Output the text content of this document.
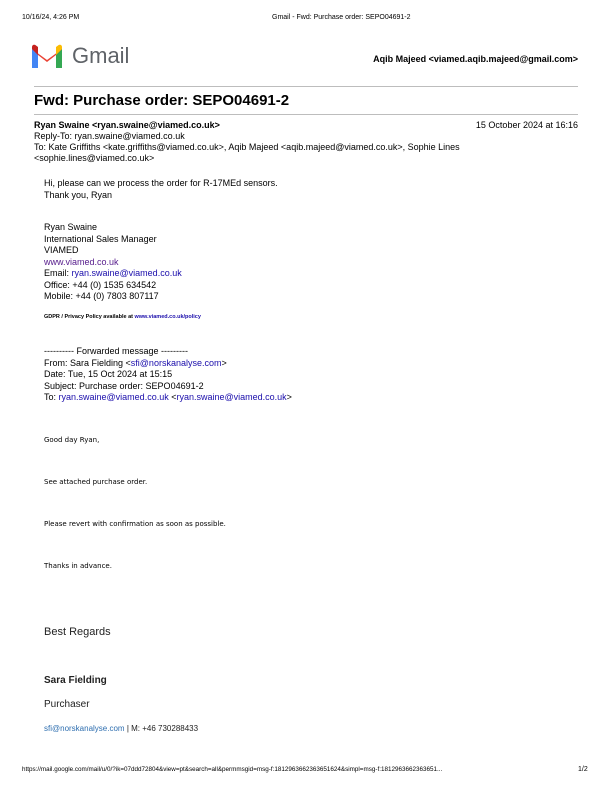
10/16/24, 4:26 PM	Gmail - Fwd: Purchase order: SEPO04691-2
Gmail	Aqib Majeed <viamed.aqib.majeed@gmail.com>
Fwd: Purchase order: SEPO04691-2
Ryan Swaine <ryan.swaine@viamed.co.uk>	15 October 2024 at 16:16
Reply-To: ryan.swaine@viamed.co.uk
To: Kate Griffiths <kate.griffiths@viamed.co.uk>, Aqib Majeed <aqib.majeed@viamed.co.uk>, Sophie Lines
<sophie.lines@viamed.co.uk>
Hi, please can we process the order for R-17MEd sensors.
Thank you, Ryan
Ryan Swaine
International Sales Manager
VIAMED
www.viamed.co.uk
Email: ryan.swaine@viamed.co.uk
Office: +44 (0) 1535 634542
Mobile: +44 (0) 7803 807117
GDPR / Privacy Policy available at www.viamed.co.uk/policy
---------- Forwarded message ---------
From: Sara Fielding <sfi@norskanalyse.com>
Date: Tue, 15 Oct 2024 at 15:15
Subject: Purchase order: SEPO04691-2
To: ryan.swaine@viamed.co.uk <ryan.swaine@viamed.co.uk>
Good day Ryan,
See attached purchase order.
Please revert with confirmation as soon as possible.
Thanks in advance.
Best Regards
Sara Fielding
Purchaser
sfi@norskanalyse.com | M: +46 730288433
https://mail.google.com/mail/u/0/?ik=07ddd72804&view=pt&search=all&permmsgid=msg-f:1812963662363651624&simpl=msg-f:1812963662363651...	1/2
